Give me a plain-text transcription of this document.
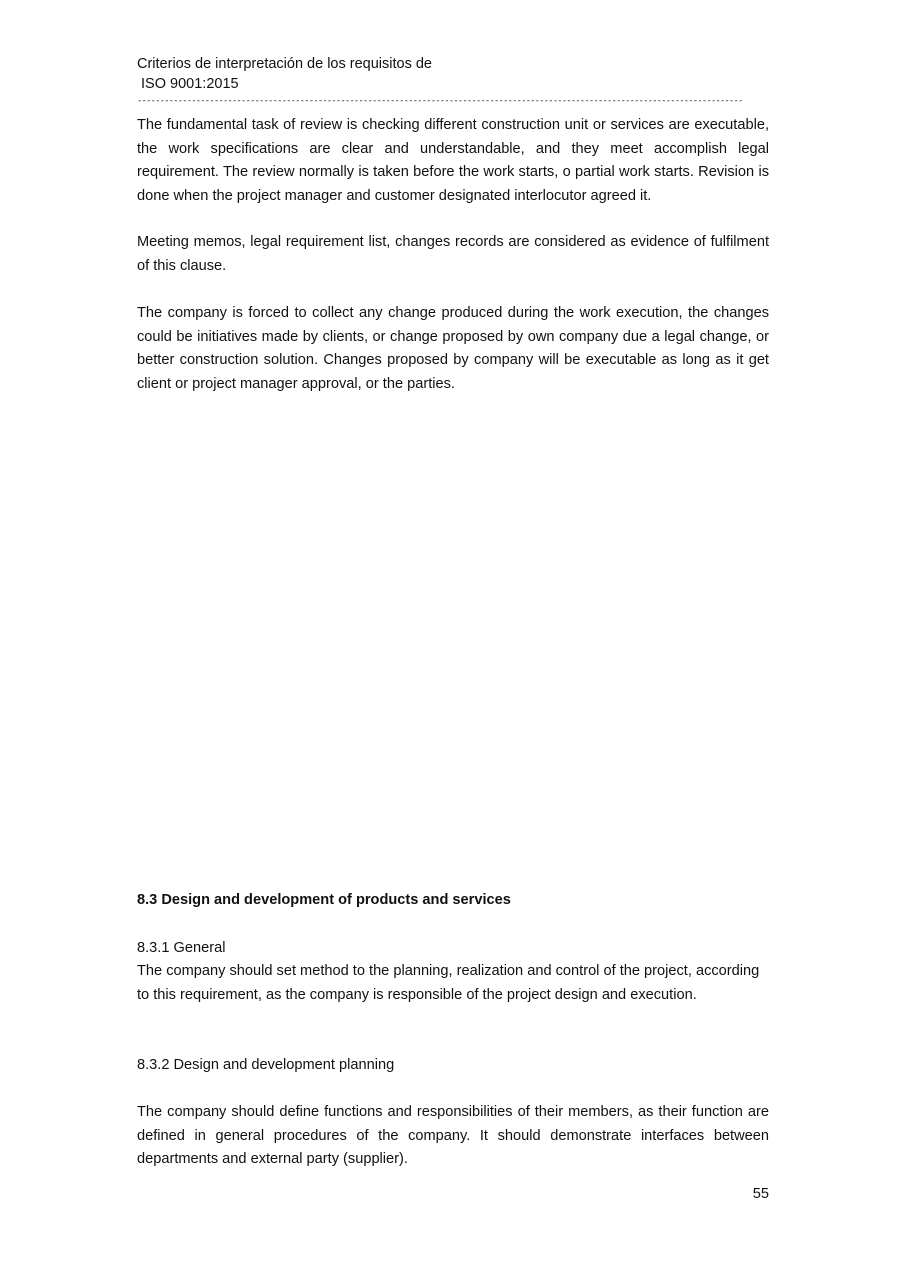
Criterios de interpretación de los requisitos de
ISO 9001:2015
--------------------------------------------------------------------------------------------------------------------------------------

The fundamental task of review is checking different construction unit or services are executable, the work specifications are clear and understandable, and they meet accomplish legal requirement. The review normally is taken before the work starts, o partial work starts. Revision is done when the project manager and customer designated interlocutor agreed it.

Meeting memos, legal requirement list, changes records are considered as evidence of fulfilment of this clause.

The company is forced to collect any change produced during the work execution, the changes could be initiatives made by clients, or change proposed by own company due a legal change, or better construction solution. Changes proposed by company will be executable as long as it get client or project manager approval, or the parties.

8.3 Design and development of products and services
8.3.1 General

The company should set method to the planning, realization and control of the project, according to this requirement, as the company is responsible of the project design and execution.

8.3.2 Design and development planning

The company should define functions and responsibilities of their members, as their function are defined in general procedures of the company. It should demonstrate interfaces between departments and external party (supplier).

55
